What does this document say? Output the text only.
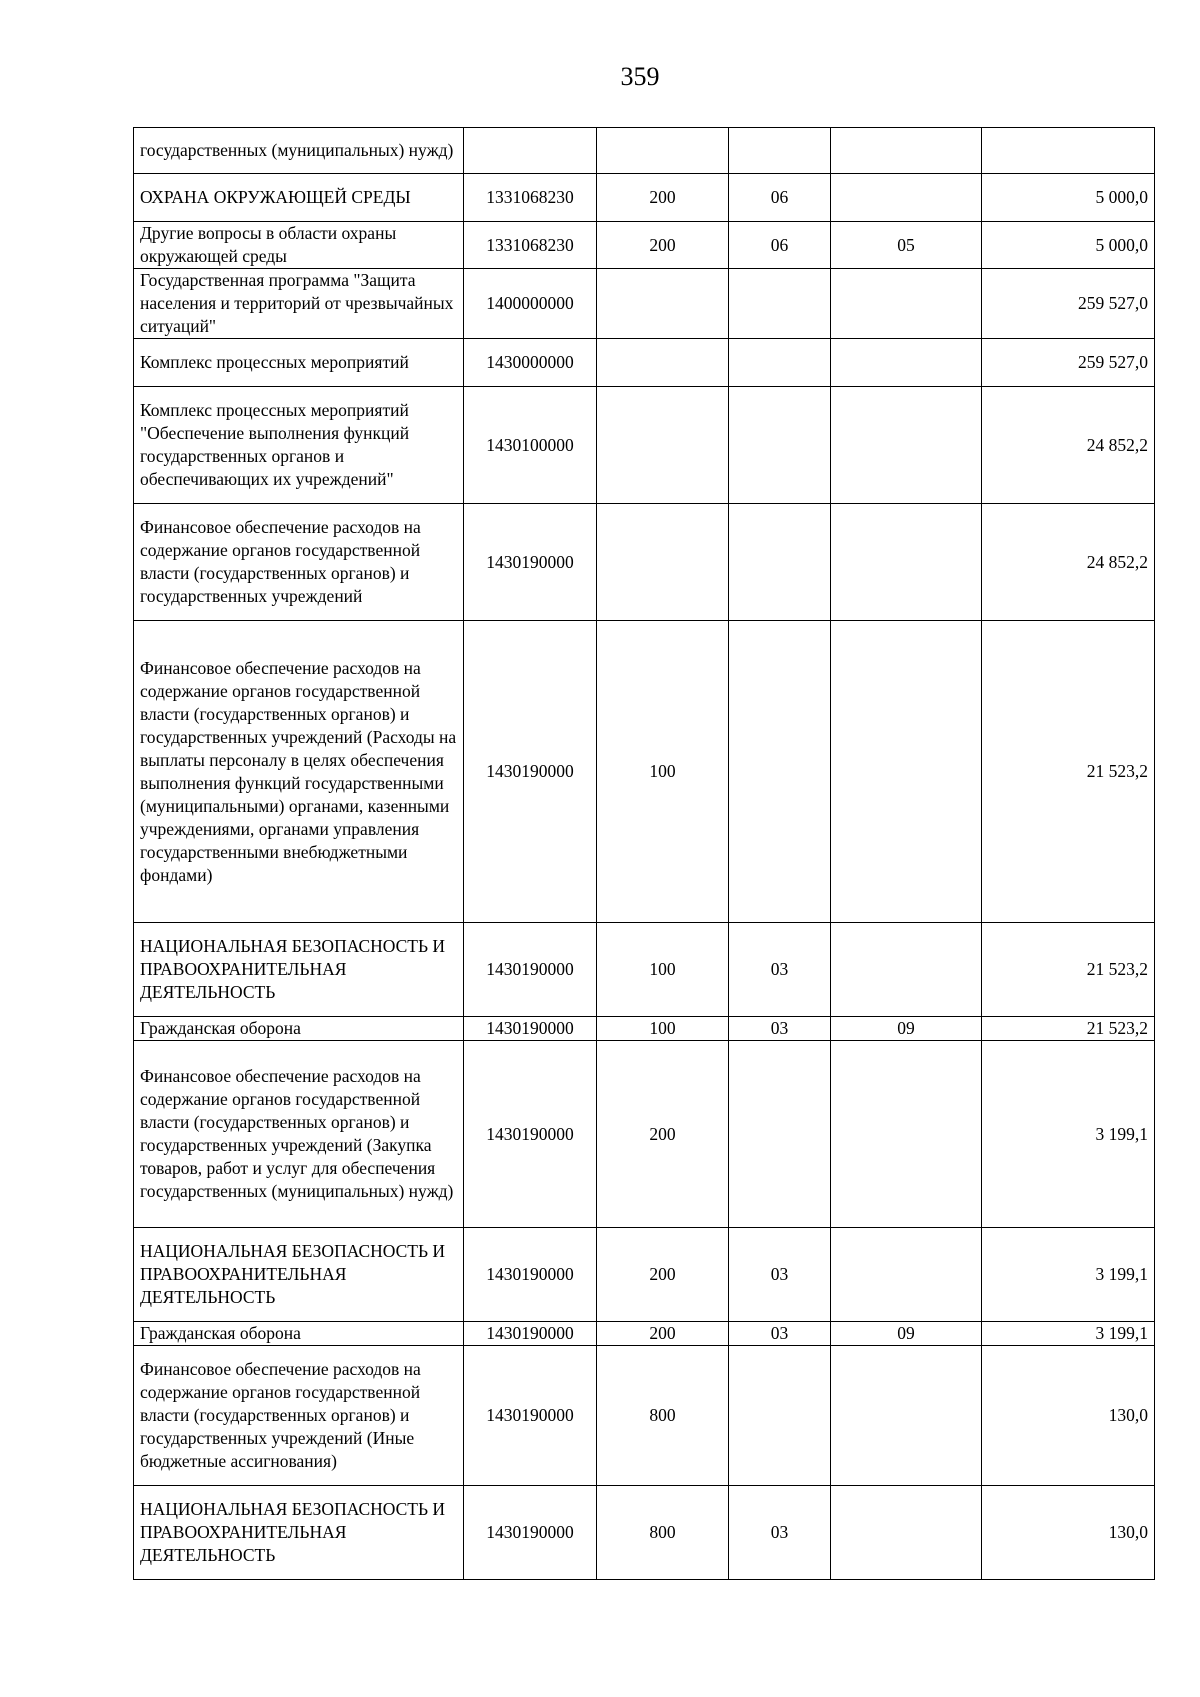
359
государственных (муниципальных) нужд)					
ОХРАНА ОКРУЖАЮЩЕЙ СРЕДЫ	1331068230	200	06		5 000,0
Другие вопросы в области охраны окружающей среды	1331068230	200	06	05	5 000,0
Государственная программа "Защита населения и территорий от чрезвычайных ситуаций"	1400000000				259 527,0
Комплекс процессных мероприятий	1430000000				259 527,0
Комплекс процессных мероприятий "Обеспечение выполнения функций государственных органов и обеспечивающих их учреждений"	1430100000				24 852,2
Финансовое обеспечение расходов на содержание органов государственной власти (государственных органов) и государственных учреждений	1430190000				24 852,2
Финансовое обеспечение расходов на содержание органов государственной власти (государственных органов) и государственных учреждений (Расходы на выплаты персоналу в целях обеспечения выполнения функций государственными (муниципальными) органами, казенными учреждениями, органами управления государственными внебюджетными фондами)	1430190000	100			21 523,2
НАЦИОНАЛЬНАЯ БЕЗОПАСНОСТЬ И ПРАВООХРАНИТЕЛЬНАЯ ДЕЯТЕЛЬНОСТЬ	1430190000	100	03		21 523,2
Гражданская оборона	1430190000	100	03	09	21 523,2
Финансовое обеспечение расходов на содержание органов государственной власти (государственных органов) и государственных учреждений (Закупка товаров, работ и услуг для обеспечения государственных (муниципальных) нужд)	1430190000	200			3 199,1
НАЦИОНАЛЬНАЯ БЕЗОПАСНОСТЬ И ПРАВООХРАНИТЕЛЬНАЯ ДЕЯТЕЛЬНОСТЬ	1430190000	200	03		3 199,1
Гражданская оборона	1430190000	200	03	09	3 199,1
Финансовое обеспечение расходов на содержание органов государственной власти (государственных органов) и государственных учреждений (Иные бюджетные ассигнования)	1430190000	800			130,0
НАЦИОНАЛЬНАЯ БЕЗОПАСНОСТЬ И ПРАВООХРАНИТЕЛЬНАЯ ДЕЯТЕЛЬНОСТЬ	1430190000	800	03		130,0
